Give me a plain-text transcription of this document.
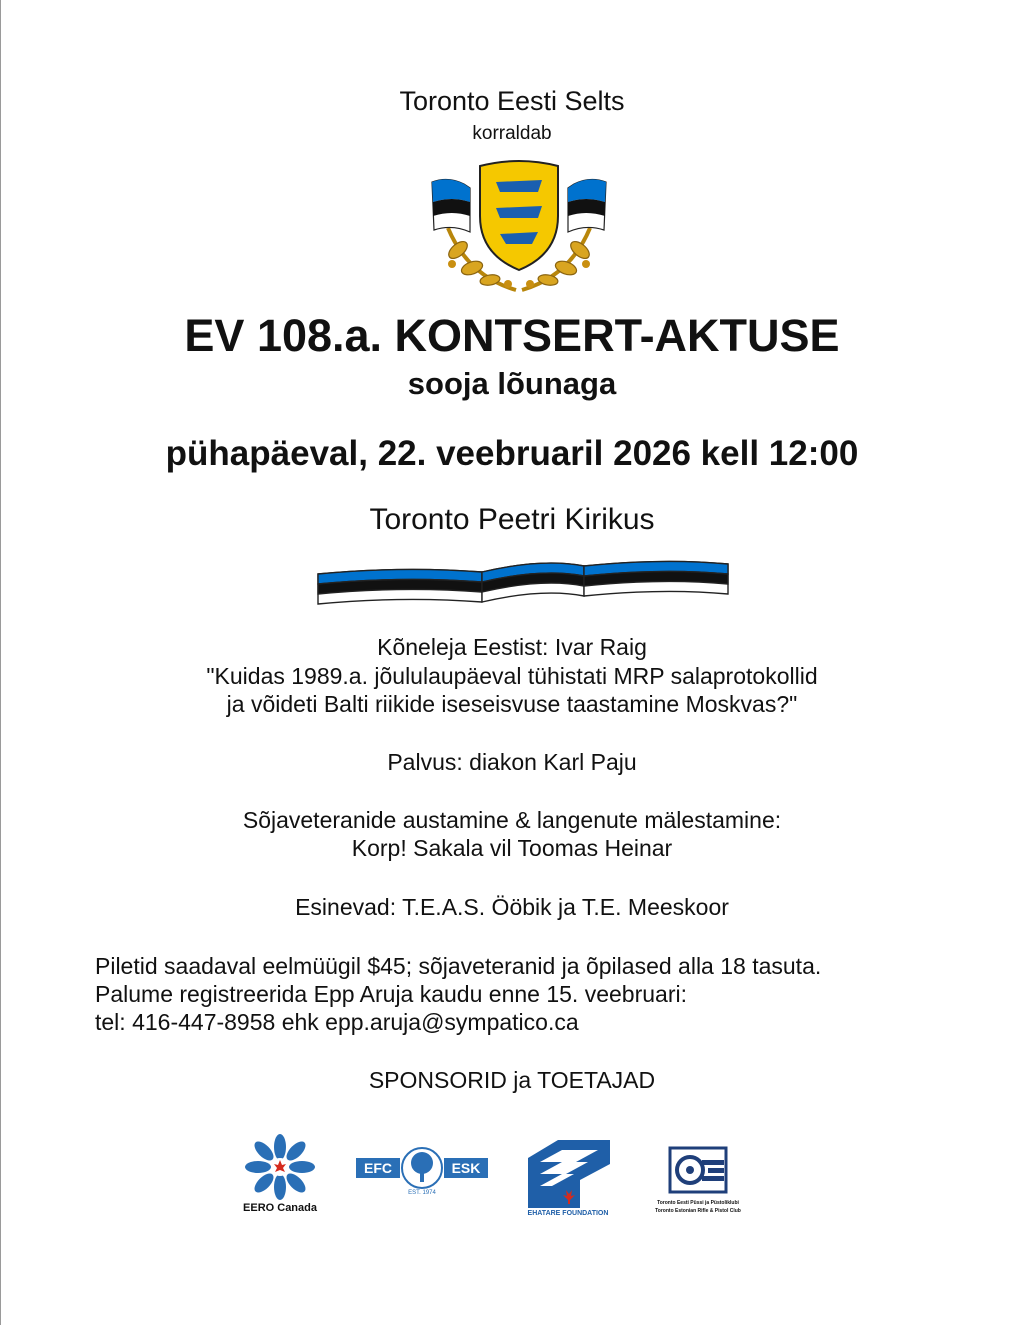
Toronto Eesti Selts
korraldab
EV 108.a. KONTSERT-AKTUSE
sooja lõunaga
pühapäeval, 22. veebruaril 2026 kell 12:00
Toronto Peetri Kirikus
Kõneleja Eestist: Ivar Raig
"Kuidas 1989.a. jõululaupäeval tühistati MRP salaprotokollid
ja võideti Balti riikide iseseisvuse taastamine Moskvas?"
Palvus: diakon Karl Paju
Sõjaveteranide austamine & langenute mälestamine:
Korp! Sakala vil Toomas Heinar
Esinevad: T.E.A.S. Ööbik ja T.E. Meeskoor
Piletid saadaval eelmüügil $45; sõjaveteranid ja õpilased alla 18 tasuta.
Palume registreerida Epp Aruja kaudu enne 15. veebruari:
tel: 416-447-8958 ehk epp.aruja@sympatico.ca
SPONSORID ja TOETAJAD
EERO Canada
EFC	ESK
EST. 1974
EHATARE FOUNDATION
Toronto Eesti Püssi ja Püstoliklubi
Toronto Estonian Rifle & Pistol Club
